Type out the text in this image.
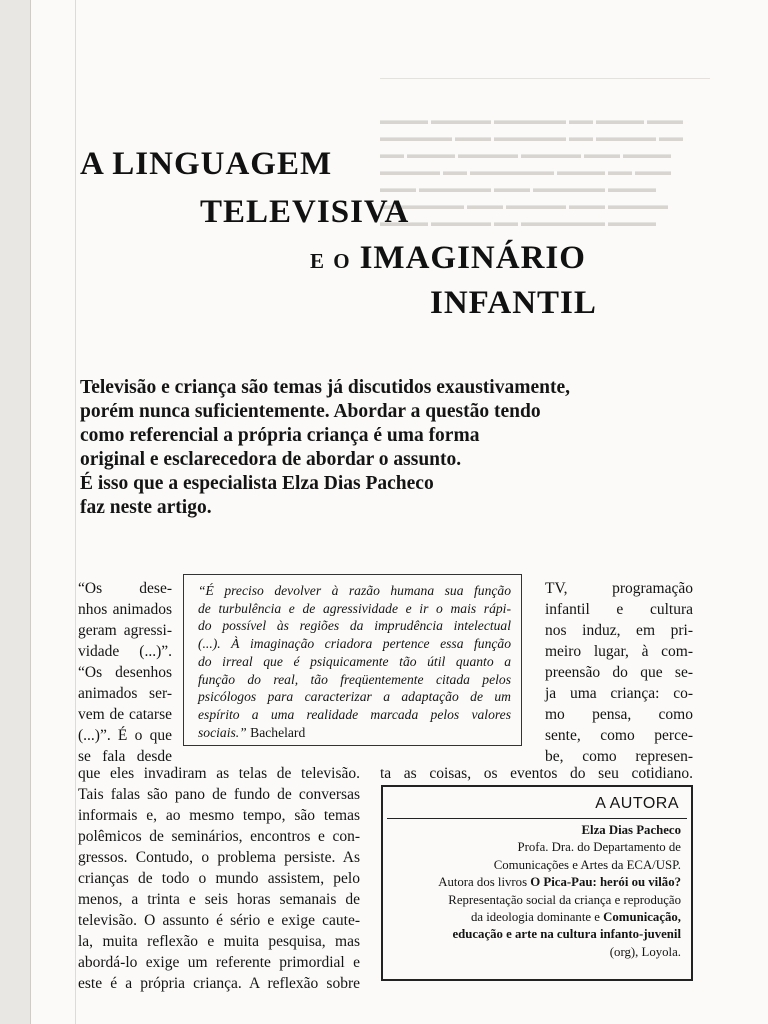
▬▬▬▬ ▬▬▬▬▬ ▬▬▬▬▬▬ ▬▬ ▬▬▬▬ ▬▬▬
▬▬▬▬▬▬ ▬▬▬ ▬▬▬▬▬▬ ▬▬ ▬▬▬▬▬ ▬▬
▬▬ ▬▬▬▬ ▬▬▬▬▬ ▬▬▬▬▬ ▬▬▬ ▬▬▬▬
▬▬▬▬▬ ▬▬ ▬▬▬▬▬▬▬ ▬▬▬▬ ▬▬ ▬▬▬
▬▬▬ ▬▬▬▬▬▬ ▬▬▬ ▬▬▬▬▬▬ ▬▬▬▬
▬▬▬▬▬▬▬ ▬▬▬ ▬▬▬▬▬ ▬▬▬ ▬▬▬▬▬
▬▬▬▬ ▬▬▬▬▬ ▬▬ ▬▬▬▬▬▬▬ ▬▬▬▬
A LINGUAGEM
TELEVISIVA
E O IMAGINÁRIO
INFANTIL
Televisão e criança são temas já discutidos exaustivamente,
porém nunca suficientemente. Abordar a questão tendo
como referencial a própria criança é uma forma
original e esclarecedora de abordar o assunto.
É isso que a especialista Elza Dias Pacheco
faz neste artigo.
“Os dese-
nhos animados
geram agressi-
vidade (...)”.
“Os desenhos
animados ser-
vem de catarse
(...)”. É o que
se fala desde
que eles invadiram as telas de televisão.
Tais falas são pano de fundo de conversas
informais e, ao mesmo tempo, são temas
polêmicos de seminários, encontros e con-
gressos. Contudo, o problema persiste. As
crianças de todo o mundo assistem, pelo
menos, a trinta e seis horas semanais de
televisão. O assunto é sério e exige caute-
la, muita reflexão e muita pesquisa, mas
abordá-lo exige um referente primordial e
este é a própria criança. A reflexão sobre
“É preciso devolver à razão humana sua função
de turbulência e de agressividade e ir o mais rápi-
do possível às regiões da imprudência intelectual
(...). À imaginação criadora pertence essa função
do irreal que é psiquicamente tão útil quanto a
função do real, tão freqüentemente citada pelos
psicólogos para caracterizar a adaptação de um
espírito a uma realidade marcada pelos valores
sociais.” Bachelard
TV, programação
infantil e cultura
nos induz, em pri-
meiro lugar, à com-
preensão do que se-
ja uma criança: co-
mo pensa, como
sente, como perce-
be, como represen-
ta as coisas, os eventos do seu cotidiano.
A AUTORA
Elza Dias Pacheco
Profa. Dra. do Departamento de
Comunicações e Artes da ECA/USP.
Autora dos livros O Pica-Pau: herói ou vilão?
Representação social da criança e reprodução
da ideologia dominante e Comunicação,
educação e arte na cultura infanto-juvenil
(org), Loyola.
